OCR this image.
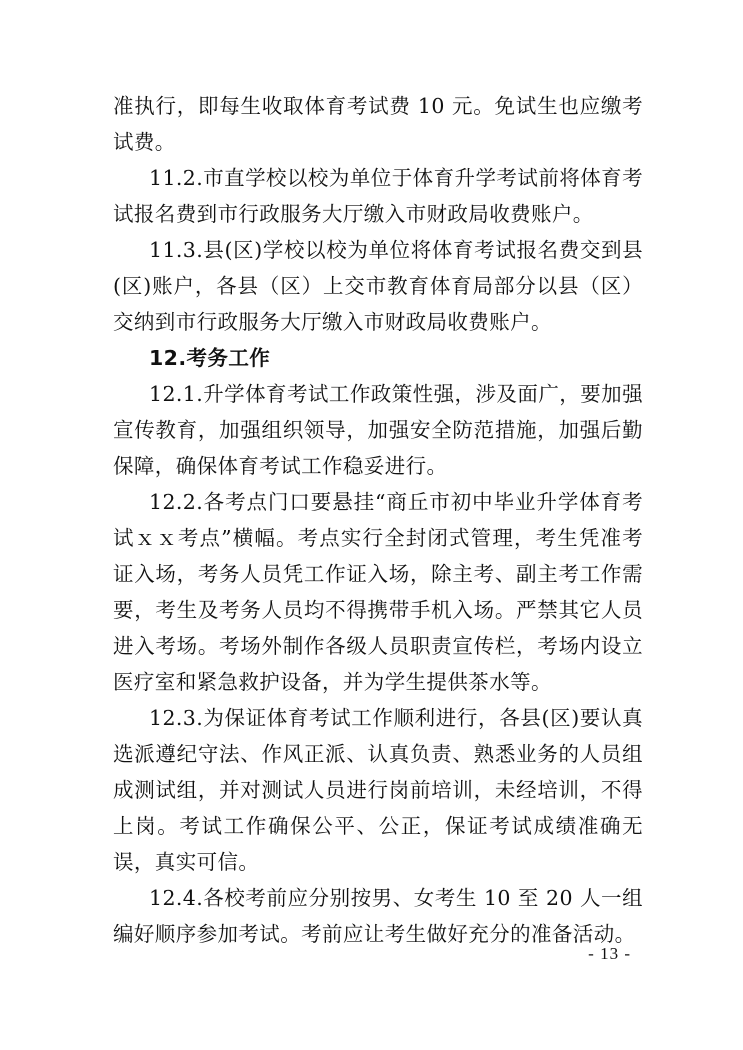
准执行，即每生收取体育考试费 10 元。免试生也应缴考试费。

11.2.市直学校以校为单位于体育升学考试前将体育考试报名费到市行政服务大厅缴入市财政局收费账户。

11.3.县(区)学校以校为单位将体育考试报名费交到县(区)账户，各县（区）上交市教育体育局部分以县（区）交纳到市行政服务大厅缴入市财政局收费账户。

12.考务工作

12.1.升学体育考试工作政策性强，涉及面广，要加强宣传教育，加强组织领导，加强安全防范措施，加强后勤保障，确保体育考试工作稳妥进行。

12.2.各考点门口要悬挂“商丘市初中毕业升学体育考试ｘｘ考点”横幅。考点实行全封闭式管理，考生凭准考证入场，考务人员凭工作证入场，除主考、副主考工作需要，考生及考务人员均不得携带手机入场。严禁其它人员进入考场。考场外制作各级人员职责宣传栏，考场内设立医疗室和紧急救护设备，并为学生提供茶水等。

12.3.为保证体育考试工作顺利进行，各县(区)要认真选派遵纪守法、作风正派、认真负责、熟悉业务的人员组成测试组，并对测试人员进行岗前培训，未经培训，不得上岗。考试工作确保公平、公正，保证考试成绩准确无误，真实可信。

12.4.各校考前应分别按男、女考生 10 至 20 人一组编好顺序参加考试。考前应让考生做好充分的准备活动。

- 13 -
